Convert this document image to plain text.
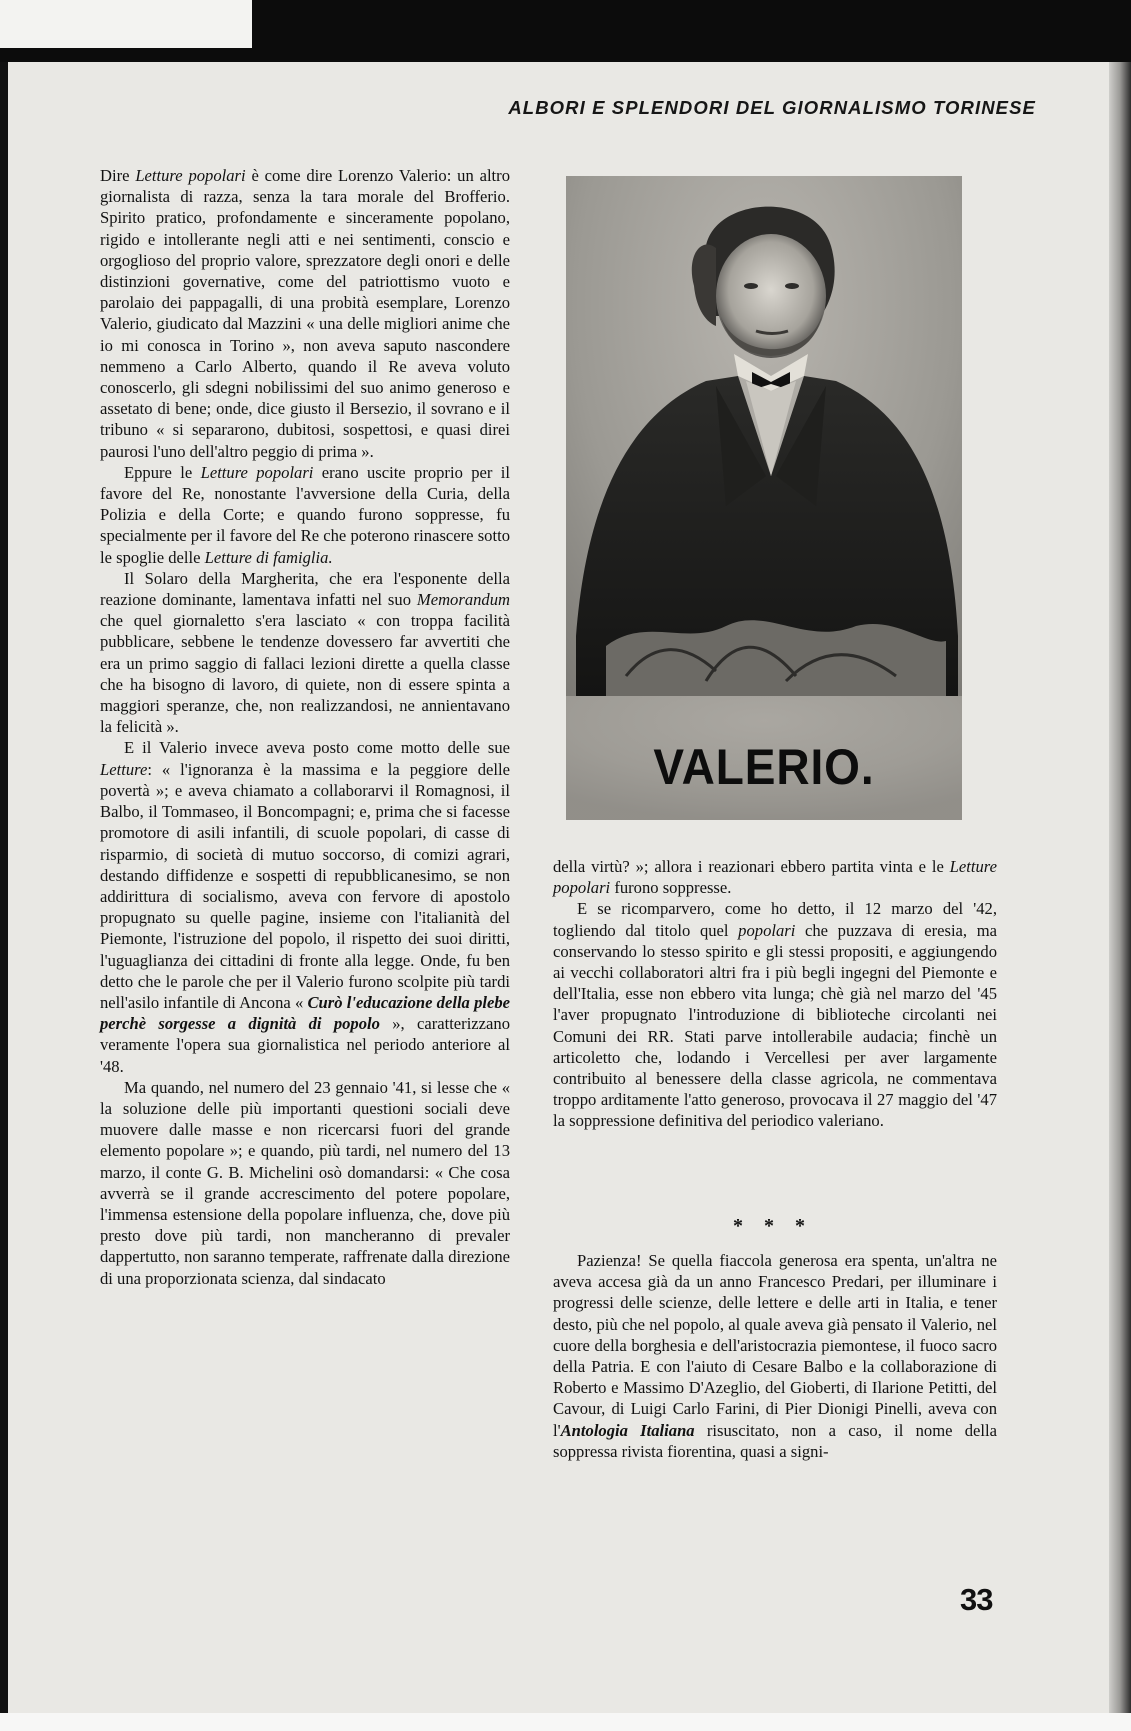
ALBORI E SPLENDORI DEL GIORNALISMO TORINESE

Dire Letture popolari è come dire Lorenzo Valerio: un altro giornalista di razza, senza la tara morale del Brofferio. Spirito pratico, profondamente e sinceramente popolano, rigido e intollerante negli atti e nei sentimenti, conscio e orgoglioso del proprio valore, sprezzatore degli onori e delle distinzioni governative, come del patriottismo vuoto e parolaio dei pappagalli, di una probità esemplare, Lorenzo Valerio, giudicato dal Mazzini « una delle migliori anime che io mi conosca in Torino », non aveva saputo nascondere nemmeno a Carlo Alberto, quando il Re aveva voluto conoscerlo, gli sdegni nobilissimi del suo animo generoso e assetato di bene; onde, dice giusto il Bersezio, il sovrano e il tribuno « si separarono, dubitosi, sospettosi, e quasi direi paurosi l'uno dell'altro peggio di prima ».

Eppure le Letture popolari erano uscite proprio per il favore del Re, nonostante l'avversione della Curia, della Polizia e della Corte; e quando furono soppresse, fu specialmente per il favore del Re che poterono rinascere sotto le spoglie delle Letture di famiglia.

Il Solaro della Margherita, che era l'esponente della reazione dominante, lamentava infatti nel suo Memorandum che quel giornaletto s'era lasciato « con troppa facilità pubblicare, sebbene le tendenze dovessero far avvertiti che era un primo saggio di fallaci lezioni dirette a quella classe che ha bisogno di lavoro, di quiete, non di essere spinta a maggiori speranze, che, non realizzandosi, ne annientavano la felicità ».

E il Valerio invece aveva posto come motto delle sue Letture: « l'ignoranza è la massima e la peggiore delle povertà »; e aveva chiamato a collaborarvi il Romagnosi, il Balbo, il Tommaseo, il Boncompagni; e, prima che si facesse promotore di asili infantili, di scuole popolari, di casse di risparmio, di società di mutuo soccorso, di comizi agrari, destando diffidenze e sospetti di repubblicanesimo, se non addirittura di socialismo, aveva con fervore di apostolo propugnato su quelle pagine, insieme con l'italianità del Piemonte, l'istruzione del popolo, il rispetto dei suoi diritti, l'uguaglianza dei cittadini di fronte alla legge. Onde, fu ben detto che le parole che per il Valerio furono scolpite più tardi nell'asilo infantile di Ancona « Curò l'educazione della plebe perchè sorgesse a dignità di popolo », caratterizzano veramente l'opera sua giornalistica nel periodo anteriore al '48.

Ma quando, nel numero del 23 gennaio '41, si lesse che « la soluzione delle più importanti questioni sociali deve muovere dalle masse e non ricercarsi fuori del grande elemento popolare »; e quando, più tardi, nel numero del 13 marzo, il conte G. B. Michelini osò domandarsi: « Che cosa avverrà se il grande accrescimento del potere popolare, l'immensa estensione della popolare influenza, che, dove più presto dove più tardi, non mancheranno di prevaler dappertutto, non saranno temperate, raffrenate dalla direzione di una proporzionata scienza, dal sindacato

VALERIO.

della virtù? »; allora i reazionari ebbero partita vinta e le Letture popolari furono soppresse.

E se ricomparvero, come ho detto, il 12 marzo del '42, togliendo dal titolo quel popolari che puzzava di eresia, ma conservando lo stesso spirito e gli stessi propositi, e aggiungendo ai vecchi collaboratori altri fra i più begli ingegni del Piemonte e dell'Italia, esse non ebbero vita lunga; chè già nel marzo del '45 l'aver propugnato l'introduzione di biblioteche circolanti nei Comuni dei RR. Stati parve intollerabile audacia; finchè un articoletto che, lodando i Vercellesi per aver largamente contribuito al benessere della classe agricola, ne commentava troppo arditamente l'atto generoso, provocava il 27 maggio del '47 la soppressione definitiva del periodico valeriano.

* * *

Pazienza! Se quella fiaccola generosa era spenta, un'altra ne aveva accesa già da un anno Francesco Predari, per illuminare i progressi delle scienze, delle lettere e delle arti in Italia, e tener desto, più che nel popolo, al quale aveva già pensato il Valerio, nel cuore della borghesia e dell'aristocrazia piemontese, il fuoco sacro della Patria. E con l'aiuto di Cesare Balbo e la collaborazione di Roberto e Massimo D'Azeglio, del Gioberti, di Ilarione Petitti, del Cavour, di Luigi Carlo Farini, di Pier Dionigi Pinelli, aveva con l'Antologia Italiana risuscitato, non a caso, il nome della soppressa rivista fiorentina, quasi a signi-

33
